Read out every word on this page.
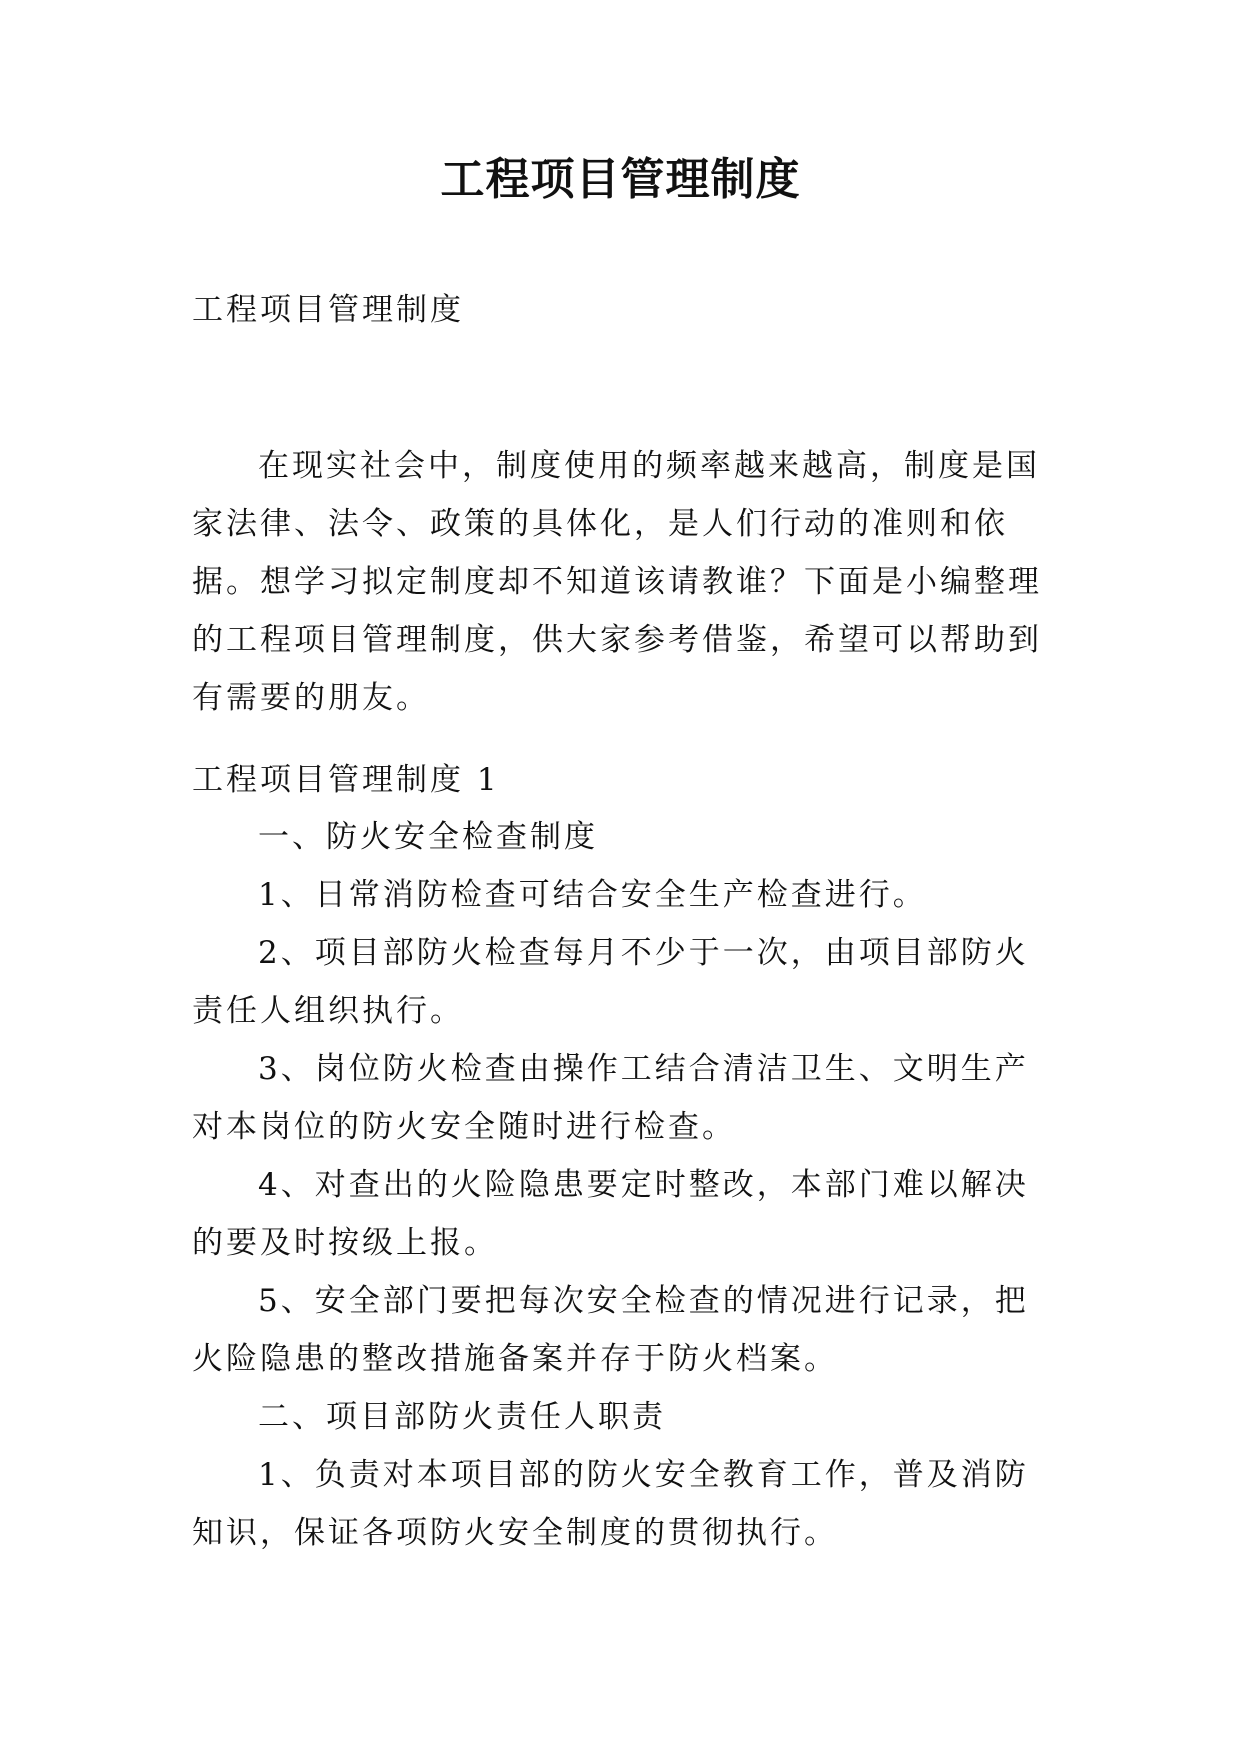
工程项目管理制度
工程项目管理制度

在现实社会中，制度使用的频率越来越高，制度是国家法律、法令、政策的具体化，是人们行动的准则和依据。想学习拟定制度却不知道该请教谁？下面是小编整理的工程项目管理制度，供大家参考借鉴，希望可以帮助到有需要的朋友。

工程项目管理制度 1

一、防火安全检查制度

1、日常消防检查可结合安全生产检查进行。

2、项目部防火检查每月不少于一次，由项目部防火责任人组织执行。

3、岗位防火检查由操作工结合清洁卫生、文明生产对本岗位的防火安全随时进行检查。

4、对查出的火险隐患要定时整改，本部门难以解决的要及时按级上报。

5、安全部门要把每次安全检查的情况进行记录，把火险隐患的整改措施备案并存于防火档案。

二、项目部防火责任人职责

1、负责对本项目部的防火安全教育工作，普及消防知识，保证各项防火安全制度的贯彻执行。
